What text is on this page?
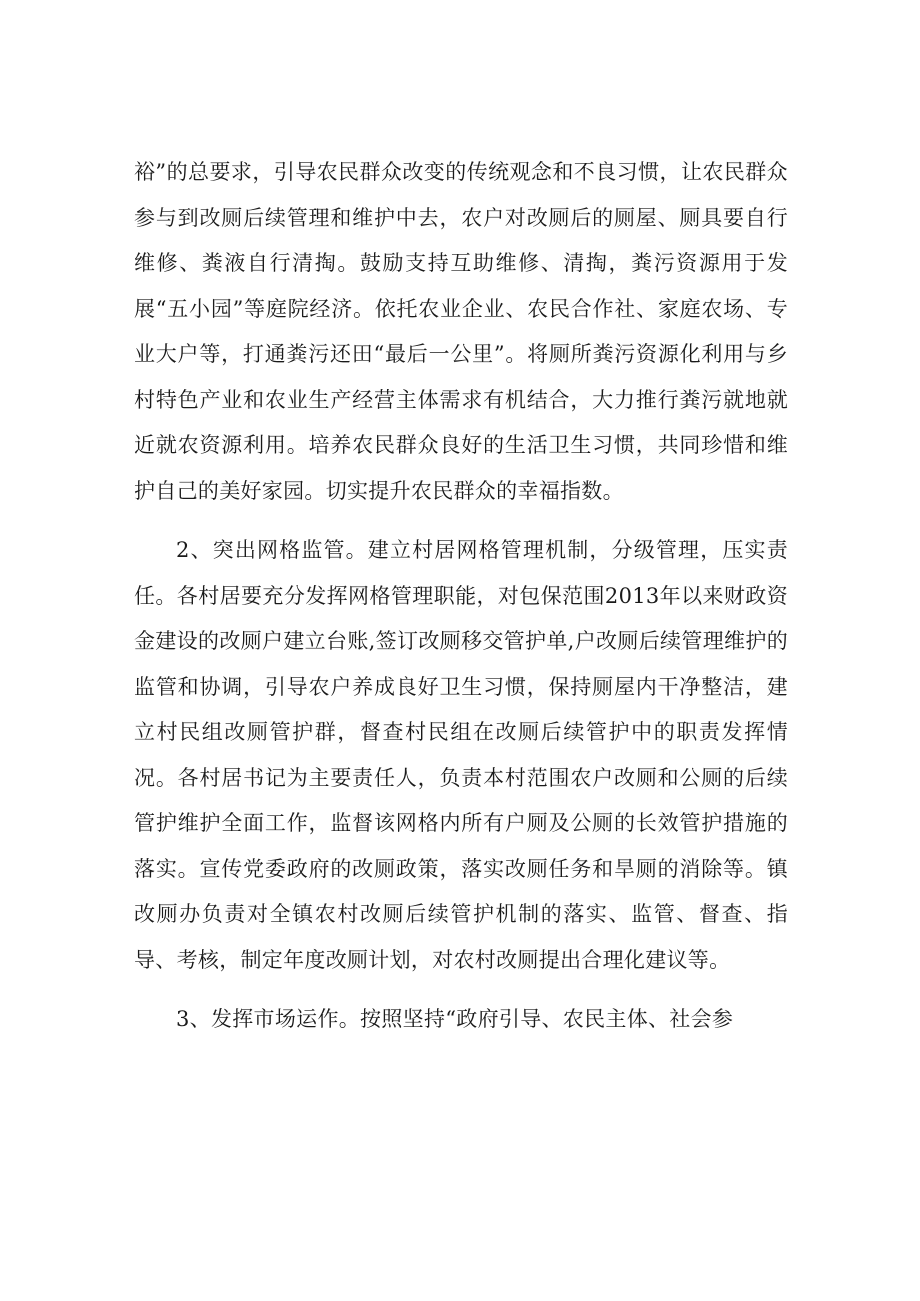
裕”的总要求，引导农民群众改变的传统观念和不良习惯，让农民群众参与到改厕后续管理和维护中去，农户对改厕后的厕屋、厕具要自行维修、粪液自行清掏。鼓励支持互助维修、清掏，粪污资源用于发展“五小园”等庭院经济。依托农业企业、农民合作社、家庭农场、专业大户等，打通粪污还田“最后一公里”。将厕所粪污资源化利用与乡村特色产业和农业生产经营主体需求有机结合，大力推行粪污就地就近就农资源利用。培养农民群众良好的生活卫生习惯，共同珍惜和维护自己的美好家园。切实提升农民群众的幸福指数。

2、突出网格监管。建立村居网格管理机制，分级管理，压实责任。各村居要充分发挥网格管理职能，对包保范围2013年以来财政资金建设的改厕户建立台账,签订改厕移交管护单,户改厕后续管理维护的监管和协调，引导农户养成良好卫生习惯，保持厕屋内干净整洁，建立村民组改厕管护群，督查村民组在改厕后续管护中的职责发挥情况。各村居书记为主要责任人，负责本村范围农户改厕和公厕的后续管护维护全面工作，监督该网格内所有户厕及公厕的长效管护措施的落实。宣传党委政府的改厕政策，落实改厕任务和旱厕的消除等。镇改厕办负责对全镇农村改厕后续管护机制的落实、监管、督查、指导、考核，制定年度改厕计划，对农村改厕提出合理化建议等。

3、发挥市场运作。按照坚持“政府引导、农民主体、社会参
